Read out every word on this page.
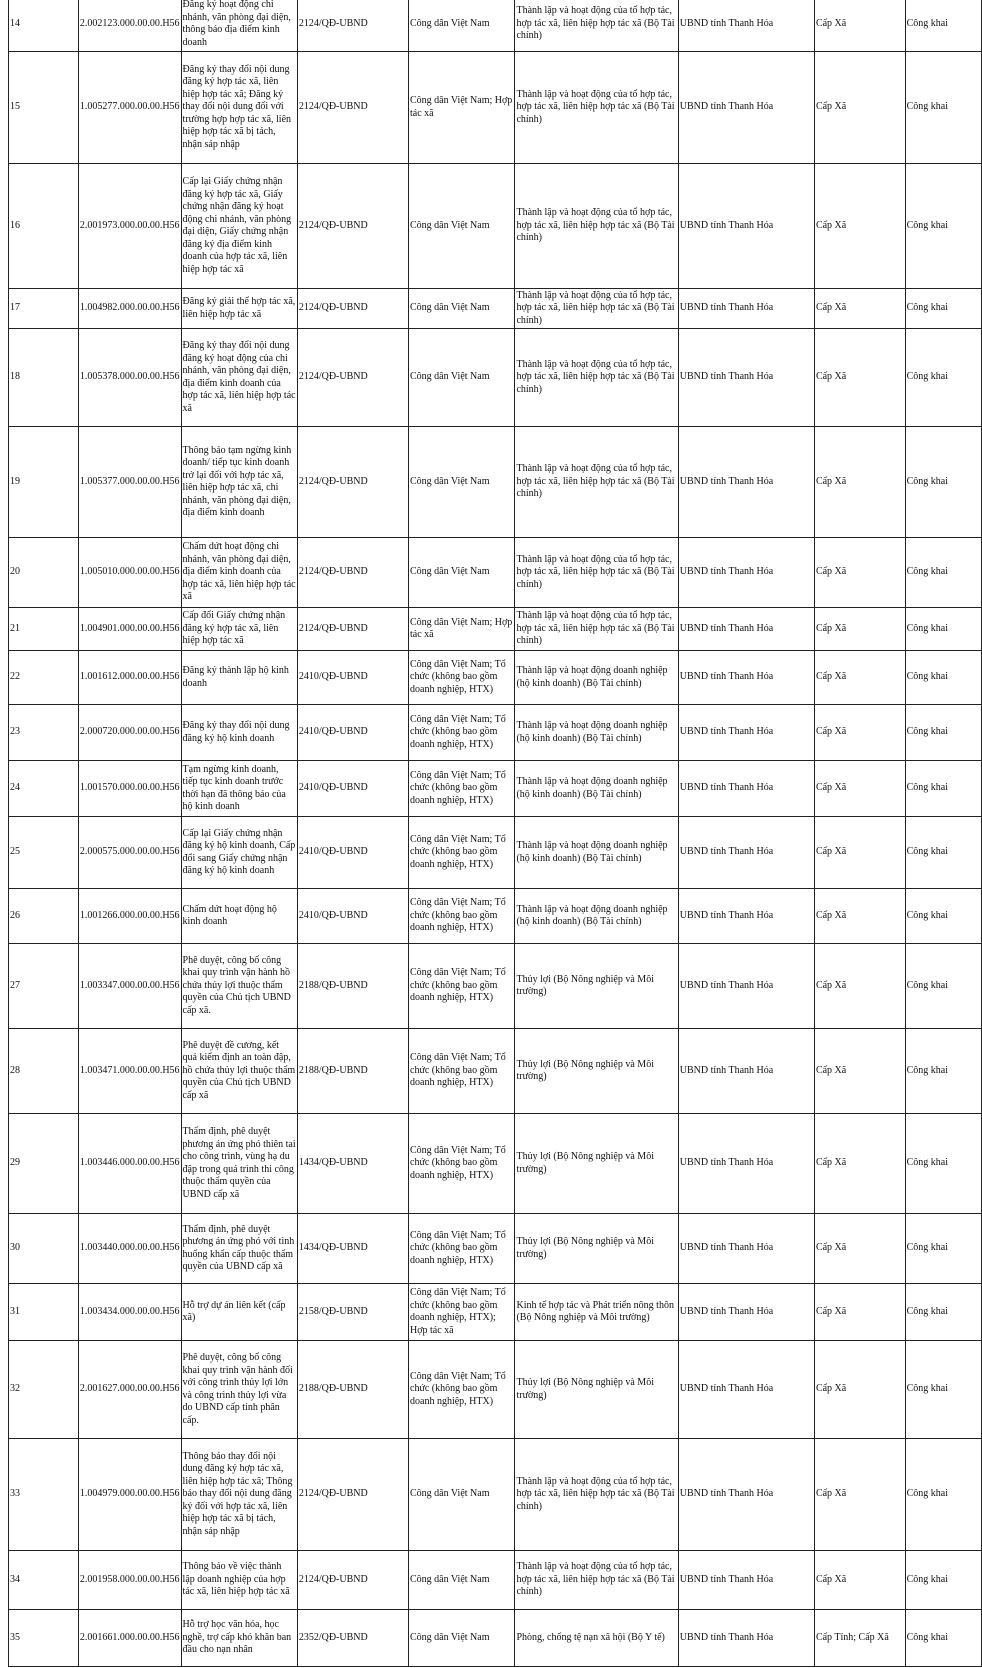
14	2.002123.000.00.00.H56	Đăng ký hoạt động chi nhánh, văn phòng đại diện, thông báo địa điểm kinh doanh	2124/QĐ-UBND	Công dân Việt Nam	Thành lập và hoạt động của tổ hợp tác, hợp tác xã, liên hiệp hợp tác xã (Bộ Tài chính)	UBND tỉnh Thanh Hóa	Cấp Xã	Công khai
15	1.005277.000.00.00.H56	Đăng ký thay đổi nội dung đăng ký hợp tác xã, liên hiệp hợp tác xã; Đăng ký thay đổi nội dung đối với trường hợp hợp tác xã, liên hiệp hợp tác xã bị tách, nhận sáp nhập	2124/QĐ-UBND	Công dân Việt Nam; Hợp tác xã	Thành lập và hoạt động của tổ hợp tác, hợp tác xã, liên hiệp hợp tác xã (Bộ Tài chính)	UBND tỉnh Thanh Hóa	Cấp Xã	Công khai
16	2.001973.000.00.00.H56	Cấp lại Giấy chứng nhận đăng ký hợp tác xã, Giấy chứng nhận đăng ký hoạt động chi nhánh, văn phòng đại diện, Giấy chứng nhận đăng ký địa điểm kinh doanh của hợp tác xã, liên hiệp hợp tác xã	2124/QĐ-UBND	Công dân Việt Nam	Thành lập và hoạt động của tổ hợp tác, hợp tác xã, liên hiệp hợp tác xã (Bộ Tài chính)	UBND tỉnh Thanh Hóa	Cấp Xã	Công khai
17	1.004982.000.00.00.H56	Đăng ký giải thể hợp tác xã, liên hiệp hợp tác xã	2124/QĐ-UBND	Công dân Việt Nam	Thành lập và hoạt động của tổ hợp tác, hợp tác xã, liên hiệp hợp tác xã (Bộ Tài chính)	UBND tỉnh Thanh Hóa	Cấp Xã	Công khai
18	1.005378.000.00.00.H56	Đăng ký thay đổi nội dung đăng ký hoạt động của chi nhánh, văn phòng đại diện, địa điểm kinh doanh của hợp tác xã, liên hiệp hợp tác xã	2124/QĐ-UBND	Công dân Việt Nam	Thành lập và hoạt động của tổ hợp tác, hợp tác xã, liên hiệp hợp tác xã (Bộ Tài chính)	UBND tỉnh Thanh Hóa	Cấp Xã	Công khai
19	1.005377.000.00.00.H56	Thông báo tạm ngừng kinh doanh/ tiếp tục kinh doanh trở lại đối với hợp tác xã, liên hiệp hợp tác xã, chi nhánh, văn phòng đại diện, địa điểm kinh doanh	2124/QĐ-UBND	Công dân Việt Nam	Thành lập và hoạt động của tổ hợp tác, hợp tác xã, liên hiệp hợp tác xã (Bộ Tài chính)	UBND tỉnh Thanh Hóa	Cấp Xã	Công khai
20	1.005010.000.00.00.H56	Chấm dứt hoạt động chi nhánh, văn phòng đại diện, địa điểm kinh doanh của hợp tác xã, liên hiệp hợp tác xã	2124/QĐ-UBND	Công dân Việt Nam	Thành lập và hoạt động của tổ hợp tác, hợp tác xã, liên hiệp hợp tác xã (Bộ Tài chính)	UBND tỉnh Thanh Hóa	Cấp Xã	Công khai
21	1.004901.000.00.00.H56	Cấp đổi Giấy chứng nhận đăng ký hợp tác xã, liên hiệp hợp tác xã	2124/QĐ-UBND	Công dân Việt Nam; Hợp tác xã	Thành lập và hoạt động của tổ hợp tác, hợp tác xã, liên hiệp hợp tác xã (Bộ Tài chính)	UBND tỉnh Thanh Hóa	Cấp Xã	Công khai
22	1.001612.000.00.00.H56	Đăng ký thành lập hộ kinh doanh	2410/QĐ-UBND	Công dân Việt Nam; Tổ chức (không bao gồm doanh nghiệp, HTX)	Thành lập và hoạt động doanh nghiệp (hộ kinh doanh) (Bộ Tài chính)	UBND tỉnh Thanh Hóa	Cấp Xã	Công khai
23	2.000720.000.00.00.H56	Đăng ký thay đổi nội dung đăng ký hộ kinh doanh	2410/QĐ-UBND	Công dân Việt Nam; Tổ chức (không bao gồm doanh nghiệp, HTX)	Thành lập và hoạt động doanh nghiệp (hộ kinh doanh) (Bộ Tài chính)	UBND tỉnh Thanh Hóa	Cấp Xã	Công khai
24	1.001570.000.00.00.H56	Tạm ngừng kinh doanh, tiếp tục kinh doanh trước thời hạn đã thông báo của hộ kinh doanh	2410/QĐ-UBND	Công dân Việt Nam; Tổ chức (không bao gồm doanh nghiệp, HTX)	Thành lập và hoạt động doanh nghiệp (hộ kinh doanh) (Bộ Tài chính)	UBND tỉnh Thanh Hóa	Cấp Xã	Công khai
25	2.000575.000.00.00.H56	Cấp lại Giấy chứng nhận đăng ký hộ kinh doanh, Cấp đổi sang Giấy chứng nhận đăng ký hộ kinh doanh	2410/QĐ-UBND	Công dân Việt Nam; Tổ chức (không bao gồm doanh nghiệp, HTX)	Thành lập và hoạt động doanh nghiệp (hộ kinh doanh) (Bộ Tài chính)	UBND tỉnh Thanh Hóa	Cấp Xã	Công khai
26	1.001266.000.00.00.H56	Chấm dứt hoạt động hộ kinh doanh	2410/QĐ-UBND	Công dân Việt Nam; Tổ chức (không bao gồm doanh nghiệp, HTX)	Thành lập và hoạt động doanh nghiệp (hộ kinh doanh) (Bộ Tài chính)	UBND tỉnh Thanh Hóa	Cấp Xã	Công khai
27	1.003347.000.00.00.H56	Phê duyệt, công bố công khai quy trình vận hành hồ chứa thủy lợi thuộc thẩm quyền của Chủ tịch UBND cấp xã.	2188/QĐ-UBND	Công dân Việt Nam; Tổ chức (không bao gồm doanh nghiệp, HTX)	Thủy lợi (Bộ Nông nghiệp và Môi trường)	UBND tỉnh Thanh Hóa	Cấp Xã	Công khai
28	1.003471.000.00.00.H56	Phê duyệt đề cương, kết quả kiểm định an toàn đập, hồ chứa thủy lợi thuộc thẩm quyền của Chủ tịch UBND cấp xã	2188/QĐ-UBND	Công dân Việt Nam; Tổ chức (không bao gồm doanh nghiệp, HTX)	Thủy lợi (Bộ Nông nghiệp và Môi trường)	UBND tỉnh Thanh Hóa	Cấp Xã	Công khai
29	1.003446.000.00.00.H56	Thẩm định, phê duyệt phương án ứng phó thiên tai cho công trình, vùng hạ du đập trong quá trình thi công thuộc thẩm quyền của UBND cấp xã	1434/QĐ-UBND	Công dân Việt Nam; Tổ chức (không bao gồm doanh nghiệp, HTX)	Thủy lợi (Bộ Nông nghiệp và Môi trường)	UBND tỉnh Thanh Hóa	Cấp Xã	Công khai
30	1.003440.000.00.00.H56	Thẩm định, phê duyệt phương án ứng phó với tình huống khẩn cấp thuộc thẩm quyền của UBND cấp xã	1434/QĐ-UBND	Công dân Việt Nam; Tổ chức (không bao gồm doanh nghiệp, HTX)	Thủy lợi (Bộ Nông nghiệp và Môi trường)	UBND tỉnh Thanh Hóa	Cấp Xã	Công khai
31	1.003434.000.00.00.H56	Hỗ trợ dự án liên kết (cấp xã)	2158/QĐ-UBND	Công dân Việt Nam; Tổ chức (không bao gồm doanh nghiệp, HTX); Hợp tác xã	Kinh tế hợp tác và Phát triển nông thôn (Bộ Nông nghiệp và Môi trường)	UBND tỉnh Thanh Hóa	Cấp Xã	Công khai
32	2.001627.000.00.00.H56	Phê duyệt, công bố công khai quy trình vận hành đối với công trình thủy lợi lớn và công trình thủy lợi vừa do UBND cấp tỉnh phân cấp.	2188/QĐ-UBND	Công dân Việt Nam; Tổ chức (không bao gồm doanh nghiệp, HTX)	Thủy lợi (Bộ Nông nghiệp và Môi trường)	UBND tỉnh Thanh Hóa	Cấp Xã	Công khai
33	1.004979.000.00.00.H56	Thông báo thay đổi nội dung đăng ký hợp tác xã, liên hiệp hợp tác xã; Thông báo thay đổi nội dung đăng ký đối với hợp tác xã, liên hiệp hợp tác xã bị tách, nhận sáp nhập	2124/QĐ-UBND	Công dân Việt Nam	Thành lập và hoạt động của tổ hợp tác, hợp tác xã, liên hiệp hợp tác xã (Bộ Tài chính)	UBND tỉnh Thanh Hóa	Cấp Xã	Công khai
34	2.001958.000.00.00.H56	Thông báo về việc thành lập doanh nghiệp của hợp tác xã, liên hiệp hợp tác xã	2124/QĐ-UBND	Công dân Việt Nam	Thành lập và hoạt động của tổ hợp tác, hợp tác xã, liên hiệp hợp tác xã (Bộ Tài chính)	UBND tỉnh Thanh Hóa	Cấp Xã	Công khai
35	2.001661.000.00.00.H56	Hỗ trợ học văn hóa, học nghề, trợ cấp khó khăn ban đầu cho nạn nhân	2352/QĐ-UBND	Công dân Việt Nam	Phòng, chống tệ nạn xã hội (Bộ Y tế)	UBND tỉnh Thanh Hóa	Cấp Tỉnh; Cấp Xã	Công khai
